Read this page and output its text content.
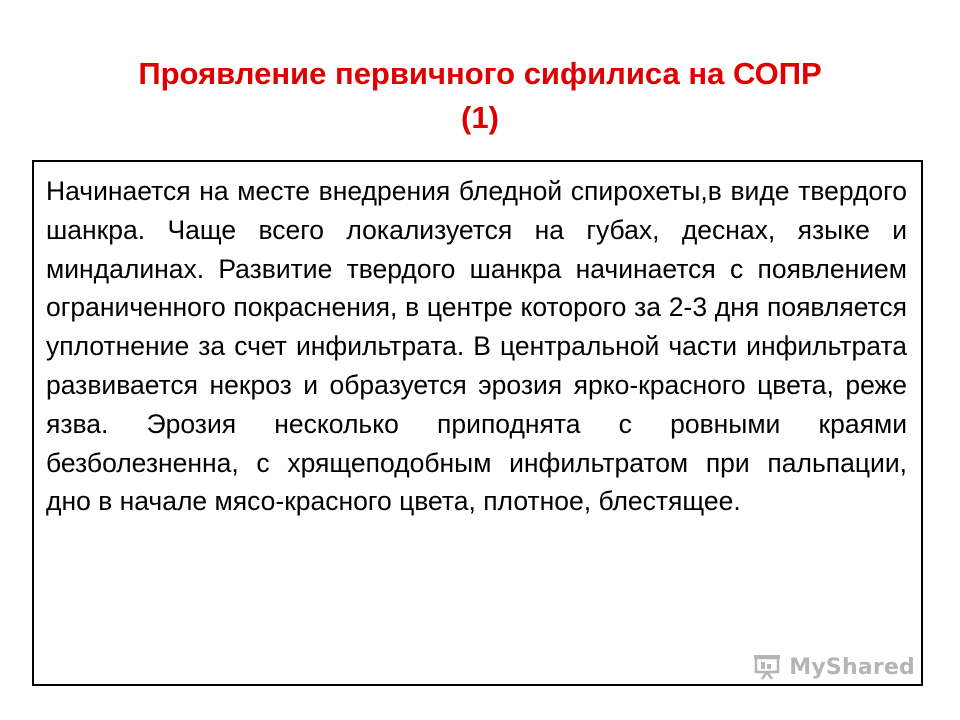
Проявление первичного сифилиса на СОПР
(1)

Начинается на месте внедрения бледной спирохеты,в виде твердого шанкра. Чаще всего локализуется на губах, деснах, языке и миндалинах. Развитие твердого шанкра начинается с появлением ограниченного покраснения, в центре которого за 2-3 дня появляется уплотнение за счет инфильтрата. В центральной части инфильтрата развивается некроз и образуется эрозия ярко-красного цвета, реже язва. Эрозия несколько приподнята с ровными краями безболезненна, с хрящеподобным инфильтратом при пальпации, дно в начале мясо-красного цвета, плотное, блестящее.

MyShared
